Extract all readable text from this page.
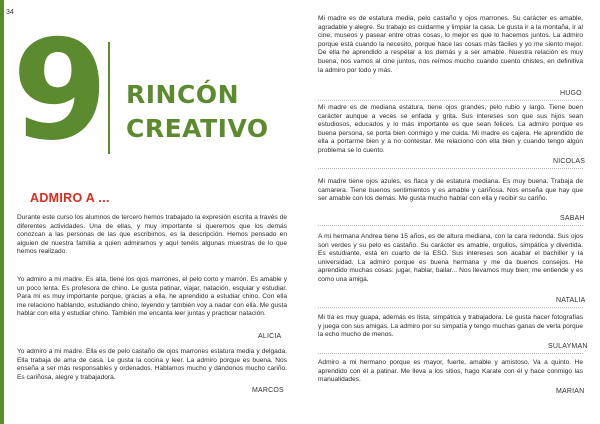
34
9 RINCÓN
CREATIVO
ADMIRO A ...

Durante este curso los alumnos de tercero hemos trabajado la expresión escrita a través de diferentes actividades. Una de ellas, y muy importante si queremos que los demás conozcan a las personas de las que escribimos, es la descripción. Hemos pensado en alguien de nuestra familia a quien admiramos y aquí tenéis algunas muestras de lo que hemos realizado.

Yo admiro a mi madre. Es alta, tiene los ojos marrones, el pelo corto y marrón. Es amable y un poco lenta. Es profesora de chino. Le gusta patinar, viajar, natación, esquiar y estudiar. Para mí es muy importante porque, gracias a ella, he aprendido a estudiar chino. Con ella me relaciono hablando, estudiando chino, leyendo y también voy a nadar con ella. Me gusta hablar con ella y estudiar chino. También me encanta leer juntas y practicar natación.

ALICIA

Yo admiro a mi madre. Ella es de pelo castaño de ojos marrones estatura media y delgada. Ella trabaja de ama de casa. Le gusta la cocina y leer. La admiro porque es buena. Nos enseña a ser más responsables y ordenados. Hablamos mucho y dándonos mucho cariño. Es cariñosa, alegre y trabajadora.

MARCOS

Mi madre es de estatura media, pelo castaño y ojos marrones. Su carácter es amable, agradable y alegre. Su trabajo es cuidarme y limpiar la casa. Le gusta ir a la montaña, ir al cine, museos y pasear entre otras cosas, lo mejor es que lo hacemos juntos. La admiro porque está cuando la necesito, porque hace las cosas más fáciles y yo me siento mejor. De ella he aprendido a respetar a los demás y a ser amable. Nuestra relación es muy buena, nos vamos al cine juntos, nos reímos mucho cuando cuento chistes, en definitiva la admiro por todo y más.

HUGO

Mi madre es de mediana estatura, tiene ojos grandes, pelo rubio y largo. Tiene buen carácter aunque a veces se enfada y grita. Sus intereses son que sus hijos sean estudiosos, educados y lo más importante es que sean felices. La admiro porque es buena persona, se porta bien conmigo y me cuida. Mi madre es cajera. He aprendido de ella a portarme bien y a no contestar. Me relaciono con ella bien y cuando tengo algún problema se lo cuento.

NICOLAS

Mi madre tiene ojos azules, es flaca y de estatura mediana. Es muy buena. Trabaja de camarera. Tiene buenos sentimientos y es amable y cariñosa. Nos enseña que hay que ser amable con los demás. Me gusta mucho hablar con ella y recibir su cariño.

SABAH

A mi hermana Andrea tiene 15 años, es de altura mediana, con la cara redonda. Sus ojos son verdes y su pelo es castaño. Su carácter es amable, orgullos, simpática y divertida. Es estudiante, está en cuarto de la ESO. Sus intereses son acabar el bachiller y la universidad. La admiro porque es buena hermana y me da buenos consejos. He aprendido muchas cosas: jugar, hablar, bailar... Nos llevamos muy bien; me entiende y es como una amiga.

NATALIA

Mi tía es muy guapa, además es lista, simpática y trabajadora. Le gusta hacer fotografías y juega con sus amigas. La admiro por su simpatía y tengo muchas ganas de verla porque la echo mucho de menos.

SULAYMAN

Admiro a mi hermano porque es mayor, fuerte, amable y amistoso. Va a quinto. He aprendido con él a patinar. Me lleva a los sitios, hago Karate con él y hace conmigo las manualidades.

MARIAN
